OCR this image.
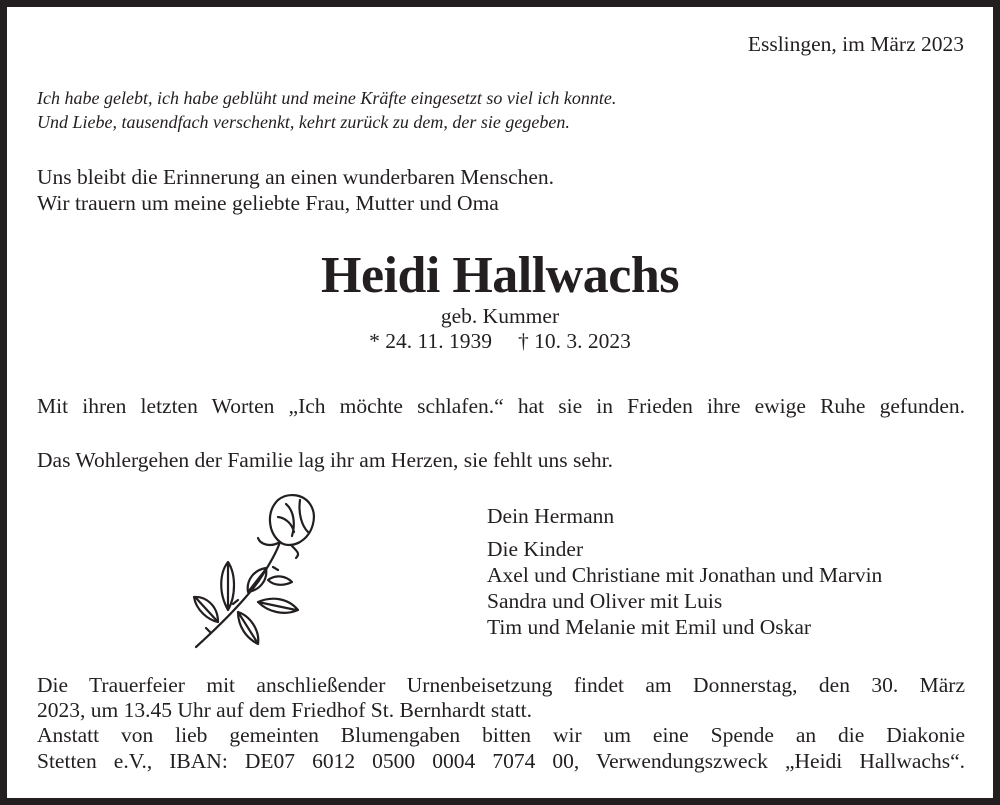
Esslingen, im März 2023
Ich habe gelebt, ich habe geblüht und meine Kräfte eingesetzt so viel ich konnte.
Und Liebe, tausendfach verschenkt, kehrt zurück zu dem, der sie gegeben.
Uns bleibt die Erinnerung an einen wunderbaren Menschen.
Wir trauern um meine geliebte Frau, Mutter und Oma
Heidi Hallwachs
geb. Kummer
* 24. 11. 1939 † 10. 3. 2023
Mit ihren letzten Worten „Ich möchte schlafen.“ hat sie in Frieden ihre ewige Ruhe gefunden.
Das Wohlergehen der Familie lag ihr am Herzen, sie fehlt uns sehr.
Dein Hermann
Die Kinder
Axel und Christiane mit Jonathan und Marvin
Sandra und Oliver mit Luis
Tim und Melanie mit Emil und Oskar
Die Trauerfeier mit anschließender Urnenbeisetzung findet am Donnerstag, den 30. März
2023, um 13.45 Uhr auf dem Friedhof St. Bernhardt statt.
Anstatt von lieb gemeinten Blumengaben bitten wir um eine Spende an die Diakonie
Stetten e.V., IBAN: DE07 6012 0500 0004 7074 00, Verwendungszweck „Heidi Hallwachs“.
